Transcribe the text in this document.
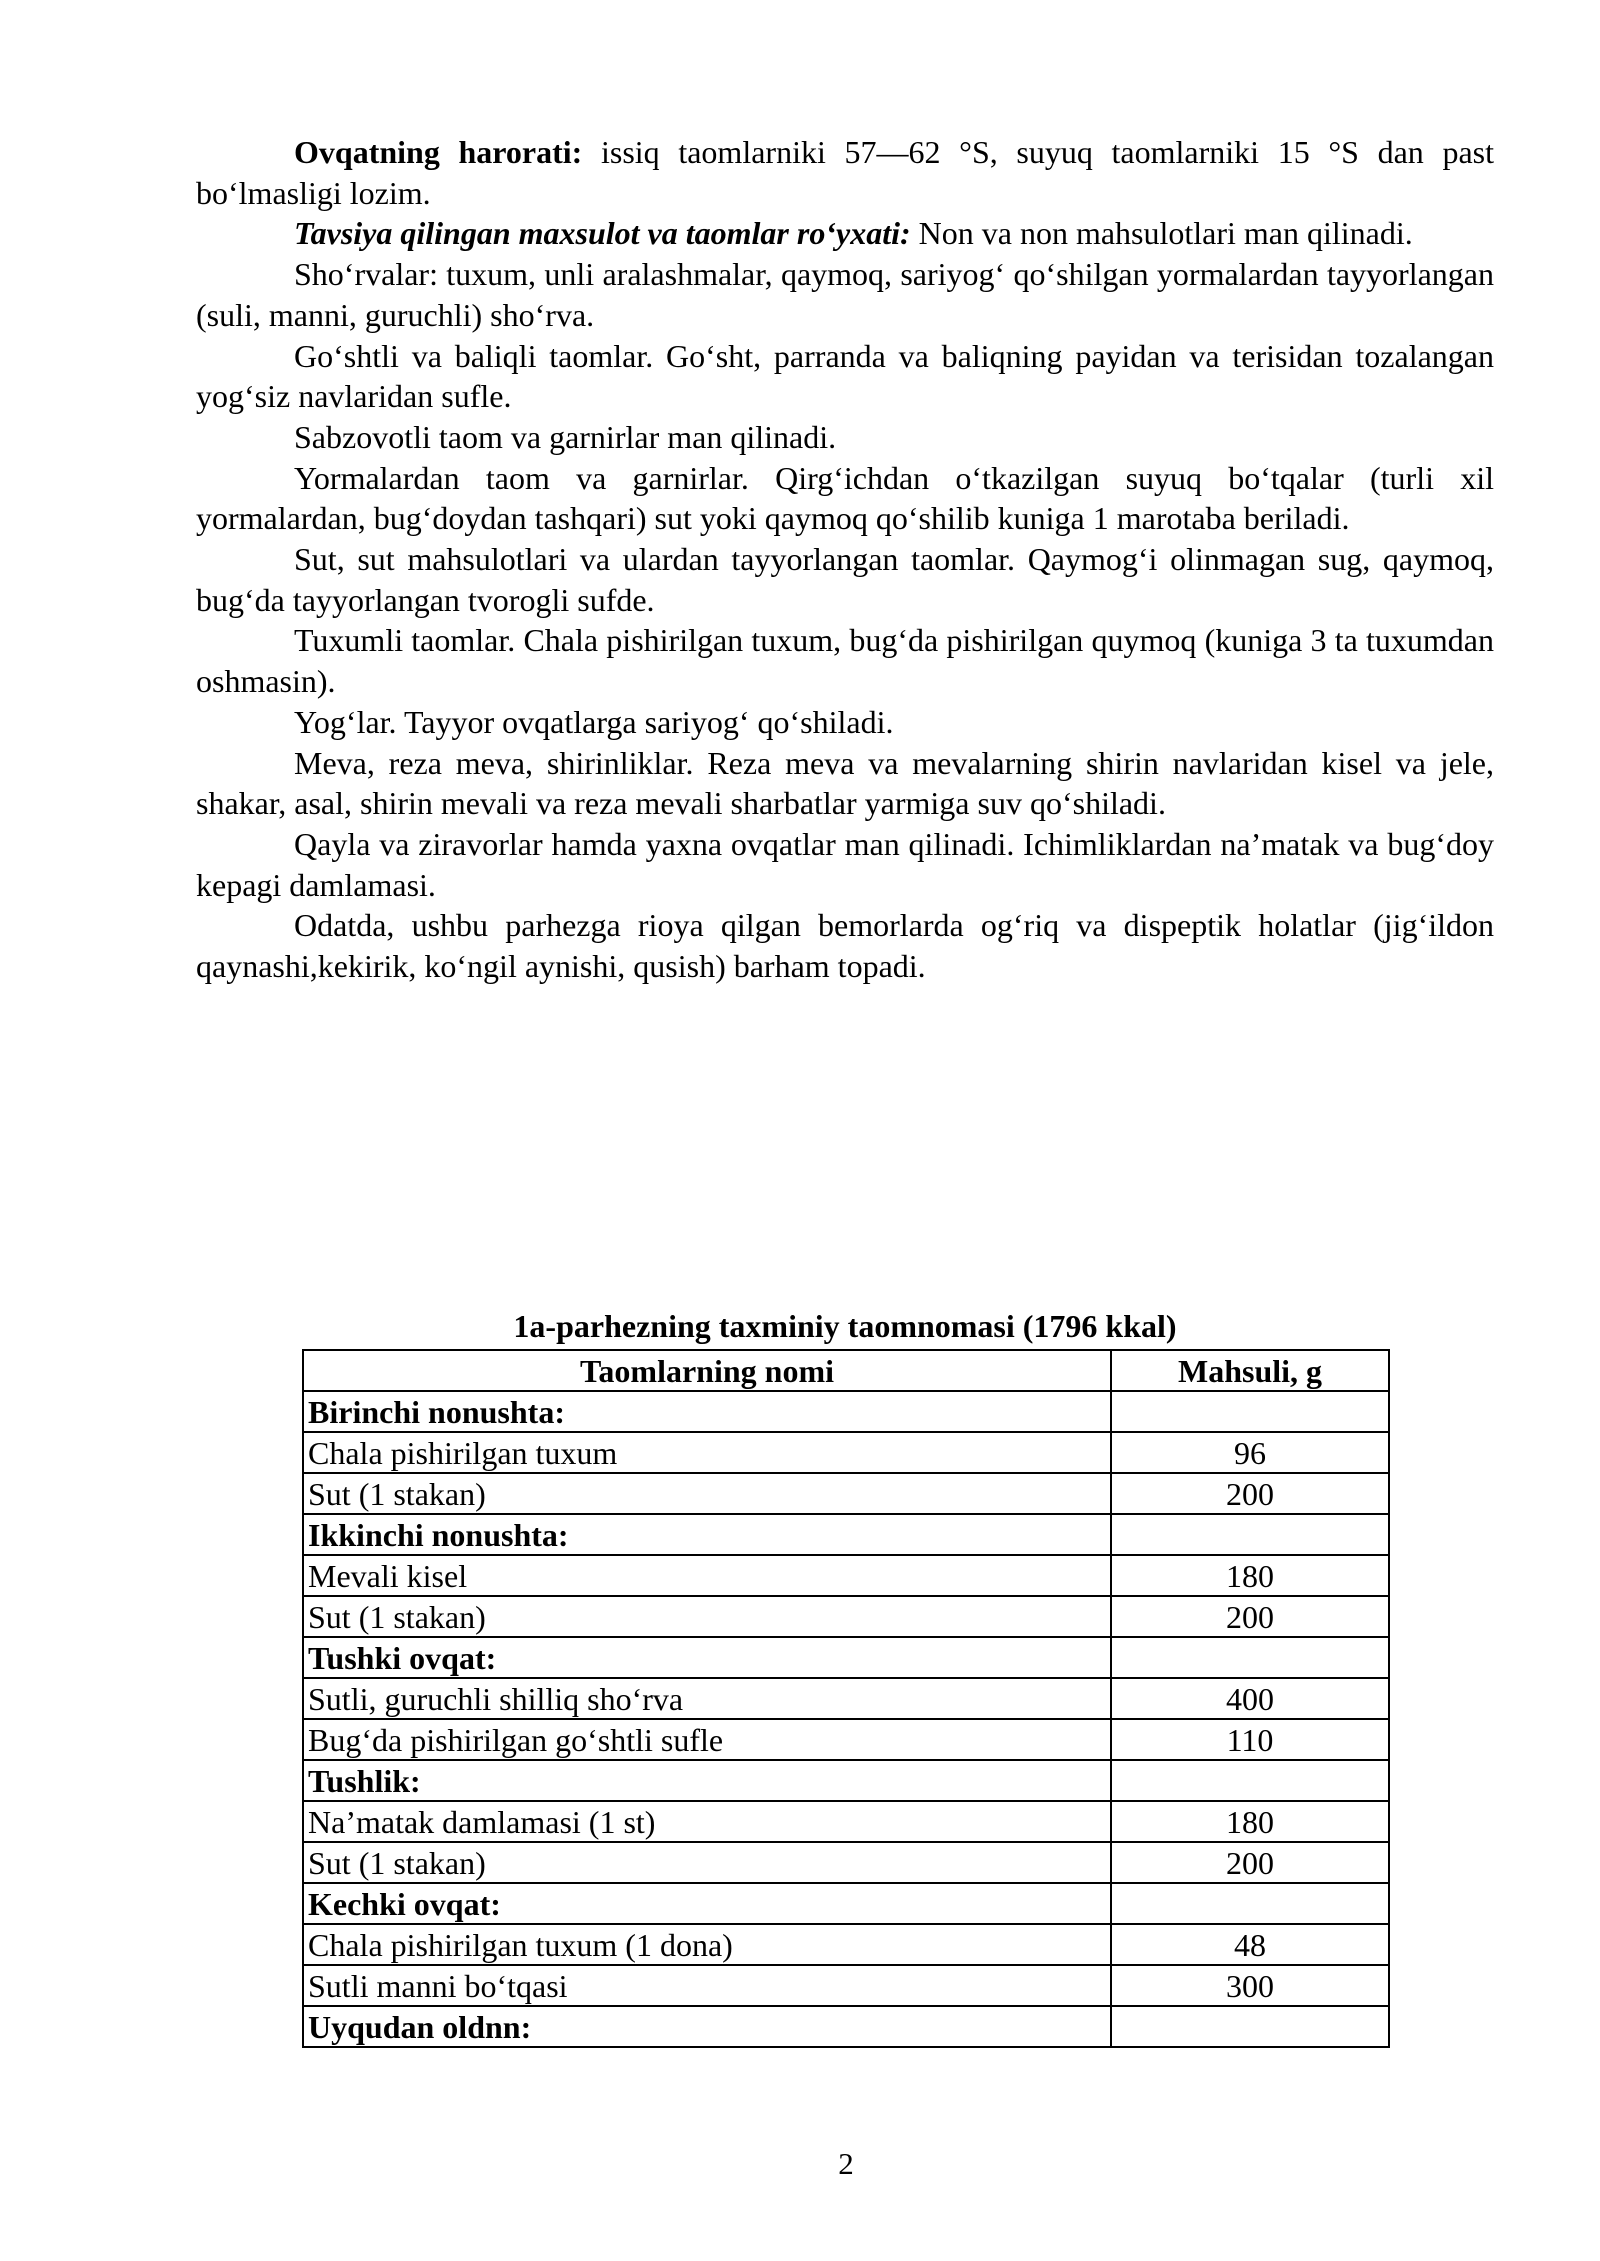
Ovqatning harorati: issiq taomlarniki 57—62 °S, suyuq taomlarniki 15 °S dan past bo‘lmasligi lozim.

Tavsiya qilingan maxsulot va taomlar ro‘yxati: Non va non mahsulotlari man qilinadi.

Sho‘rvalar: tuxum, unli aralashmalar, qaymoq, sariyog‘ qo‘shilgan yormalardan tayyorlangan (suli, manni, guruchli) sho‘rva.

Go‘shtli va baliqli taomlar. Go‘sht, parranda va baliqning payidan va terisidan tozalangan yog‘siz navlaridan sufle.

Sabzovotli taom va garnirlar man qilinadi.

Yormalardan taom va garnirlar. Qirg‘ichdan o‘tkazilgan suyuq bo‘tqalar (turli xil yormalardan, bug‘doydan tashqari) sut yoki qaymoq qo‘shilib kuniga 1 marotaba beriladi.

Sut, sut mahsulotlari va ulardan tayyorlangan taomlar. Qaymog‘i olinmagan sug, qaymoq, bug‘da tayyorlangan tvorogli sufde.

Tuxumli taomlar. Chala pishirilgan tuxum, bug‘da pishirilgan quymoq (kuniga 3 ta tuxumdan oshmasin).

Yog‘lar. Tayyor ovqatlarga sariyog‘ qo‘shiladi.

Meva, reza meva, shirinliklar. Reza meva va mevalarning shirin navlaridan kisel va jele, shakar, asal, shirin mevali va reza mevali sharbatlar yarmiga suv qo‘shiladi.

Qayla va ziravorlar hamda yaxna ovqatlar man qilinadi. Ichimliklardan na’matak va bug‘doy kepagi damlamasi.

Odatda, ushbu parhezga rioya qilgan bemorlarda og‘riq va dispeptik holatlar (jig‘ildon qaynashi,kekirik, ko‘ngil aynishi, qusish) barham topadi.

1a-parhezning taxminiy taomnomasi (1796 kkal)
Taomlarning nomi	Mahsuli, g
Birinchi nonushta:	
Chala pishirilgan tuxum	96
Sut (1 stakan)	200
Ikkinchi nonushta:	
Mevali kisel	180
Sut (1 stakan)	200
Tushki ovqat:	
Sutli, guruchli shilliq sho‘rva	400
Bug‘da pishirilgan go‘shtli sufle	110
Tushlik:	
Na’matak damlamasi (1 st)	180
Sut (1 stakan)	200
Kechki ovqat:	
Chala pishirilgan tuxum (1 dona)	48
Sutli manni bo‘tqasi	300
Uyqudan oldnn:	
2
